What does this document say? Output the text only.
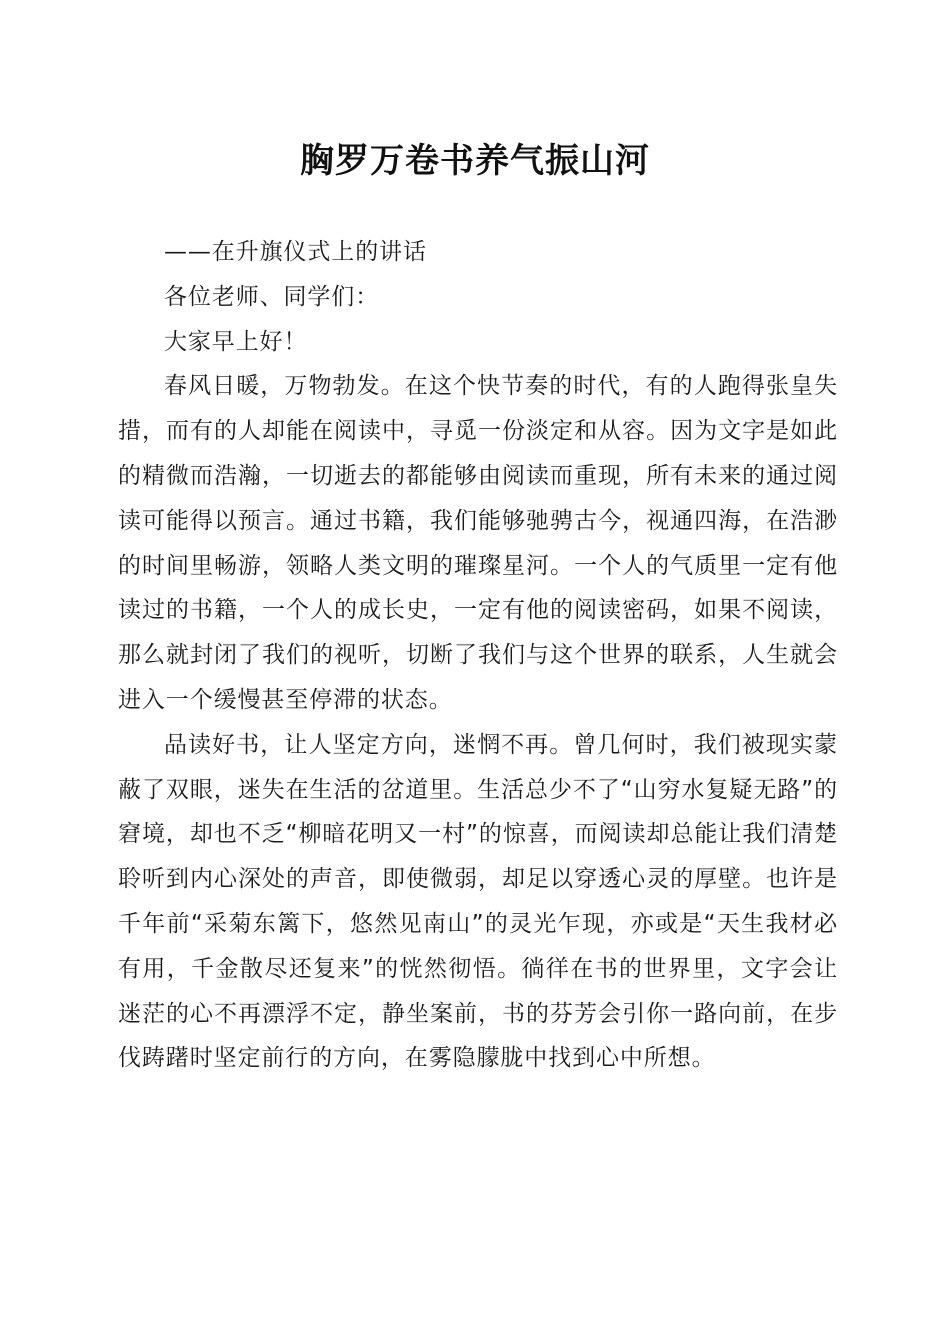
胸罗万卷书养气振山河

——在升旗仪式上的讲话

各位老师、同学们：

大家早上好！

春风日暖，万物勃发。在这个快节奏的时代，有的人跑得张皇失措，而有的人却能在阅读中，寻觅一份淡定和从容。因为文字是如此的精微而浩瀚，一切逝去的都能够由阅读而重现，所有未来的通过阅读可能得以预言。通过书籍，我们能够驰骋古今，视通四海，在浩渺的时间里畅游，领略人类文明的璀璨星河。一个人的气质里一定有他读过的书籍，一个人的成长史，一定有他的阅读密码，如果不阅读，那么就封闭了我们的视听，切断了我们与这个世界的联系，人生就会进入一个缓慢甚至停滞的状态。

品读好书，让人坚定方向，迷惘不再。曾几何时，我们被现实蒙蔽了双眼，迷失在生活的岔道里。生活总少不了“山穷水复疑无路”的窘境，却也不乏“柳暗花明又一村”的惊喜，而阅读却总能让我们清楚聆听到内心深处的声音，即使微弱，却足以穿透心灵的厚壁。也许是千年前“采菊东篱下，悠然见南山”的灵光乍现，亦或是“天生我材必有用，千金散尽还复来”的恍然彻悟。徜徉在书的世界里，文字会让迷茫的心不再漂浮不定，静坐案前，书的芬芳会引你一路向前，在步伐踌躇时坚定前行的方向，在雾隐朦胧中找到心中所想。
